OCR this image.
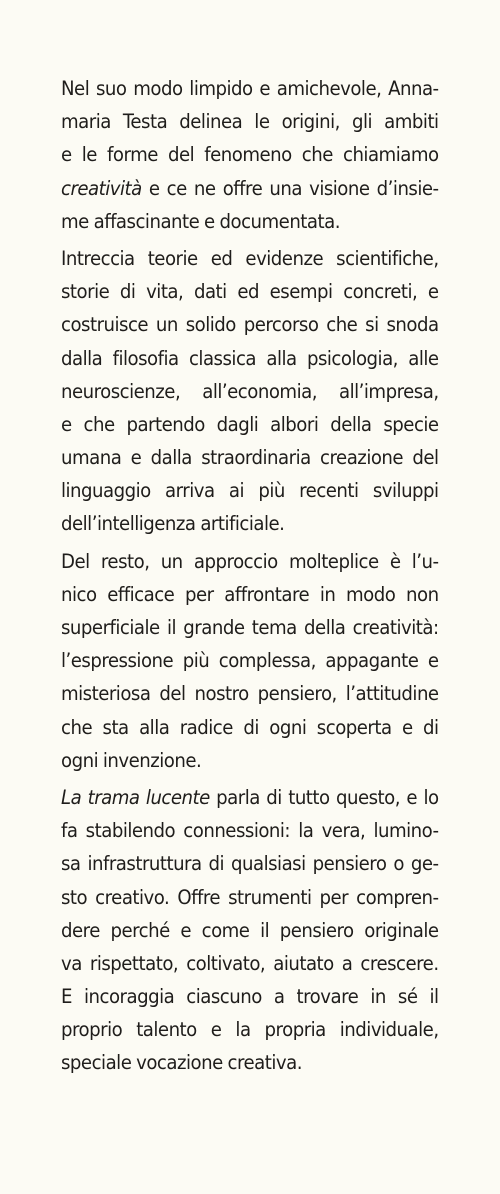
Nel suo modo limpido e amichevole, Anna-
maria Testa delinea le origini, gli ambiti
e le forme del fenomeno che chiamiamo
creatività e ce ne offre una visione d’insie-
me affascinante e documentata.
Intreccia teorie ed evidenze scientifiche,
storie di vita, dati ed esempi concreti, e
costruisce un solido percorso che si snoda
dalla filosofia classica alla psicologia, alle
neuroscienze, all’economia, all’impresa,
e che partendo dagli albori della specie
umana e dalla straordinaria creazione del
linguaggio arriva ai più recenti sviluppi
dell’intelligenza artificiale.
Del resto, un approccio molteplice è l’u-
nico efficace per affrontare in modo non
superficiale il grande tema della creatività:
l’espressione più complessa, appagante e
misteriosa del nostro pensiero, l’attitudine
che sta alla radice di ogni scoperta e di
ogni invenzione.
La trama lucente parla di tutto questo, e lo
fa stabilendo connessioni: la vera, lumino-
sa infrastruttura di qualsiasi pensiero o ge-
sto creativo. Offre strumenti per compren-
dere perché e come il pensiero originale
va rispettato, coltivato, aiutato a crescere.
E incoraggia ciascuno a trovare in sé il
proprio talento e la propria individuale,
speciale vocazione creativa.
